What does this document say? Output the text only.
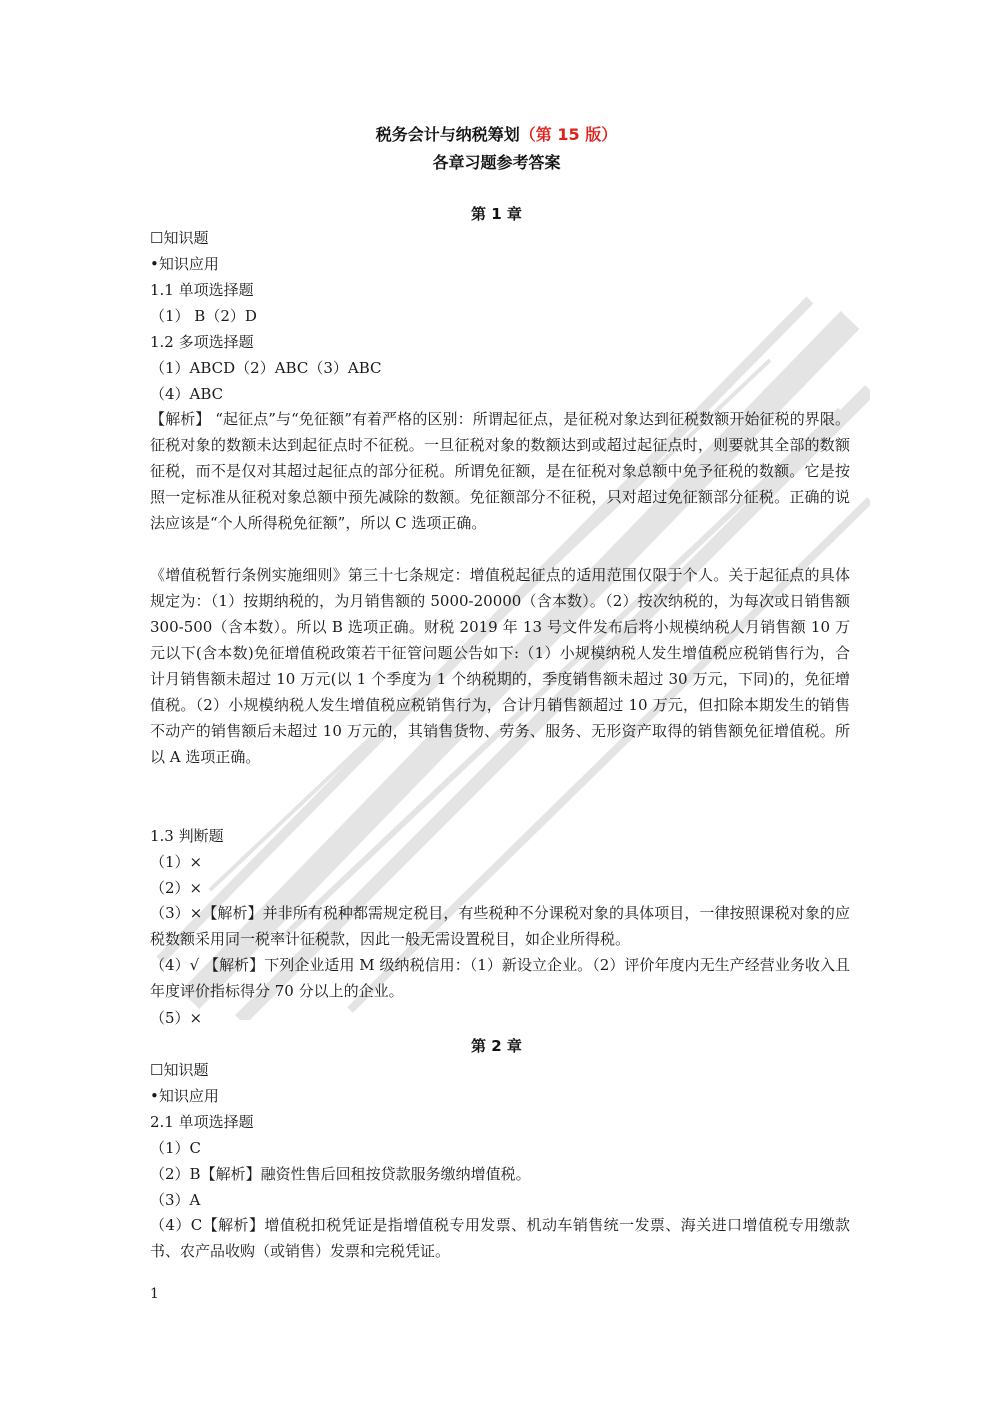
税务会计与纳税筹划（第 15 版）
各章习题参考答案
第 1 章
☐知识题
•知识应用
1.1 单项选择题
（1） B（2）D
1.2 多项选择题
（1）ABCD（2）ABC（3）ABC
（4）ABC
【解析】 “起征点”与“免征额”有着严格的区别：所谓起征点，是征税对象达到征税数额开始征税的界限。征税对象的数额未达到起征点时不征税。一旦征税对象的数额达到或超过起征点时，则要就其全部的数额征税，而不是仅对其超过起征点的部分征税。所谓免征额，是在征税对象总额中免予征税的数额。它是按照一定标准从征税对象总额中预先减除的数额。免征额部分不征税，只对超过免征额部分征税。正确的说法应该是“个人所得税免征额”，所以 C 选项正确。
《增值税暂行条例实施细则》第三十七条规定：增值税起征点的适用范围仅限于个人。关于起征点的具体规定为：（1）按期纳税的，为月销售额的 5000-20000（含本数）。（2）按次纳税的，为每次或日销售额 300-500（含本数）。所以 B 选项正确。财税 2019 年 13 号文件发布后将小规模纳税人月销售额 10 万元以下(含本数)免征增值税政策若干征管问题公告如下:（1）小规模纳税人发生增值税应税销售行为，合计月销售额未超过 10 万元(以 1 个季度为 1 个纳税期的，季度销售额未超过 30 万元，下同)的，免征增值税。（2）小规模纳税人发生增值税应税销售行为，合计月销售额超过 10 万元，但扣除本期发生的销售不动产的销售额后未超过 10 万元的，其销售货物、劳务、服务、无形资产取得的销售额免征增值税。所以 A 选项正确。
1.3 判断题
（1）×
（2）×
（3）×【解析】并非所有税种都需规定税目，有些税种不分课税对象的具体项目，一律按照课税对象的应税数额采用同一税率计征税款，因此一般无需设置税目，如企业所得税。
（4）√ 【解析】下列企业适用 M 级纳税信用：（1）新设立企业。（2）评价年度内无生产经营业务收入且年度评价指标得分 70 分以上的企业。
（5）×
第 2 章
☐知识题
•知识应用
2.1 单项选择题
（1）C
（2）B【解析】融资性售后回租按贷款服务缴纳增值税。
（3）A
（4）C【解析】增值税扣税凭证是指增值税专用发票、机动车销售统一发票、海关进口增值税专用缴款书、农产品收购（或销售）发票和完税凭证。
1
